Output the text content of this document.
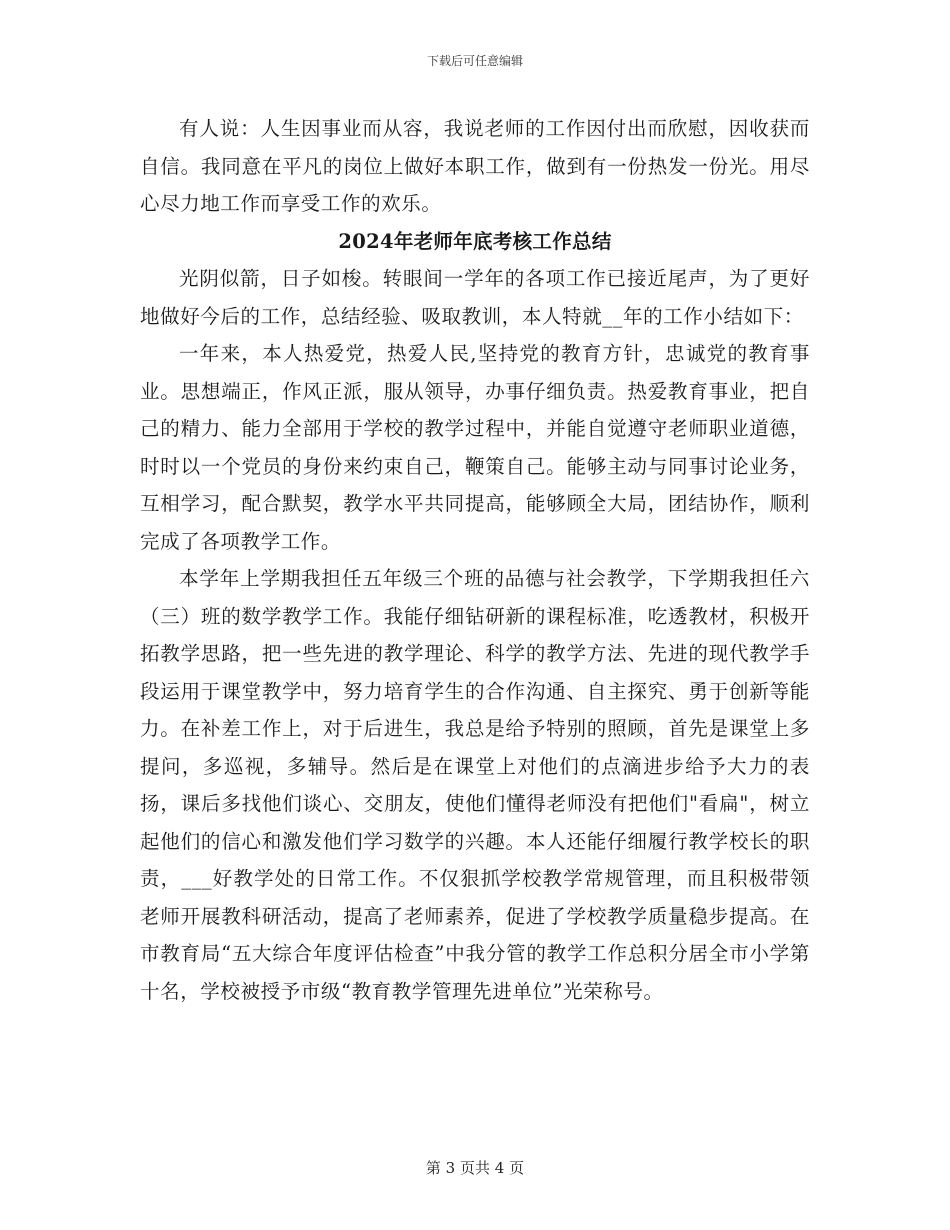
下载后可任意编辑

有人说：人生因事业而从容，我说老师的工作因付出而欣慰，因收获而自信。我同意在平凡的岗位上做好本职工作，做到有一份热发一份光。用尽心尽力地工作而享受工作的欢乐。

2024年老师年底考核工作总结

光阴似箭，日子如梭。转眼间一学年的各项工作已接近尾声，为了更好地做好今后的工作，总结经验、吸取教训，本人特就__年的工作小结如下：

一年来，本人热爱党，热爱人民,坚持党的教育方针，忠诚党的教育事业。思想端正，作风正派，服从领导，办事仔细负责。热爱教育事业，把自己的精力、能力全部用于学校的教学过程中，并能自觉遵守老师职业道德，时时以一个党员的身份来约束自己，鞭策自己。能够主动与同事讨论业务，互相学习，配合默契，教学水平共同提高，能够顾全大局，团结协作，顺利完成了各项教学工作。

本学年上学期我担任五年级三个班的品德与社会教学，下学期我担任六（三）班的数学教学工作。我能仔细钻研新的课程标准，吃透教材，积极开拓教学思路，把一些先进的教学理论、科学的教学方法、先进的现代教学手段运用于课堂教学中，努力培育学生的合作沟通、自主探究、勇于创新等能力。在补差工作上，对于后进生，我总是给予特别的照顾，首先是课堂上多提问，多巡视，多辅导。然后是在课堂上对他们的点滴进步给予大力的表扬，课后多找他们谈心、交朋友，使他们懂得老师没有把他们"看扁"，树立起他们的信心和激发他们学习数学的兴趣。本人还能仔细履行教学校长的职责，___好教学处的日常工作。不仅狠抓学校教学常规管理，而且积极带领老师开展教科研活动，提高了老师素养，促进了学校教学质量稳步提高。在市教育局“五大综合年度评估检查”中我分管的教学工作总积分居全市小学第十名，学校被授予市级“教育教学管理先进单位”光荣称号。

第 3 页共 4 页
